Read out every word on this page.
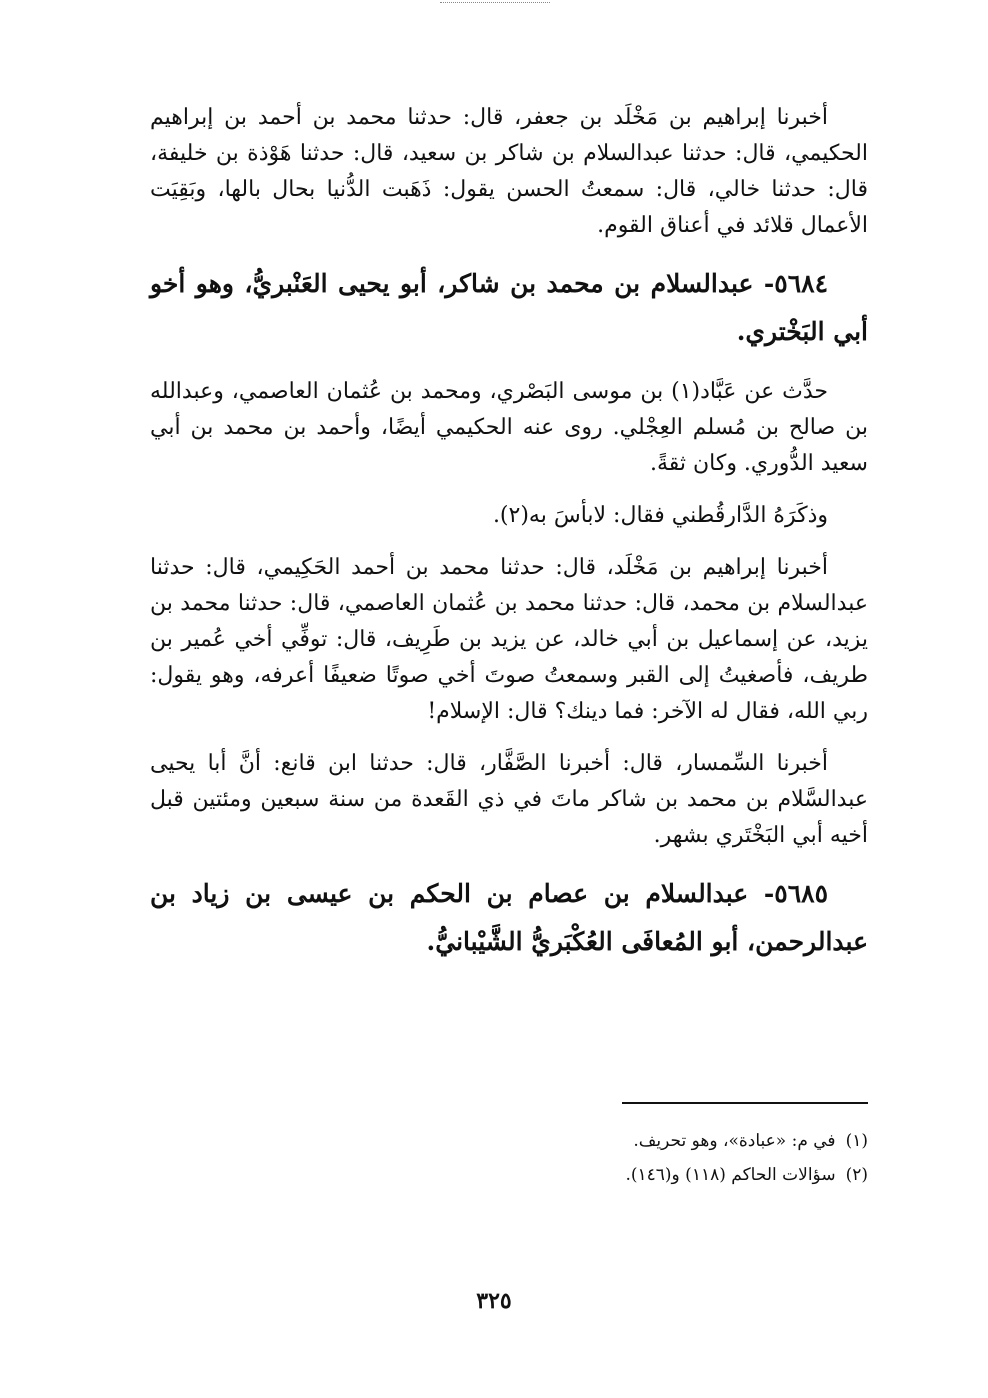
أخبرنا إبراهيم بن مَخْلَد بن جعفر، قال: حدثنا محمد بن أحمد بن إبراهيم الحكيمي، قال: حدثنا عبدالسلام بن شاكر بن سعيد، قال: حدثنا هَوْذة بن خليفة، قال: حدثنا خالي، قال: سمعتُ الحسن يقول: ذَهَبت الدُّنيا بحال بالها، وبَقِيَت الأعمال قلائد في أعناق القوم.

٥٦٨٤- عبدالسلام بن محمد بن شاكر، أبو يحيى العَنْبريُّ، وهو أخو أبي البَخْتري.

حدَّث عن عَبَّاد(١) بن موسى البَصْري، ومحمد بن عُثمان العاصمي، وعبدالله بن صالح بن مُسلم العِجْلي. روى عنه الحكيمي أيضًا، وأحمد بن محمد بن أبي سعيد الدُّوري. وكان ثقةً.

وذكَرَهُ الدَّارقُطني فقال: لابأسَ به(٢).

أخبرنا إبراهيم بن مَخْلَد، قال: حدثنا محمد بن أحمد الحَكِيمي، قال: حدثنا عبدالسلام بن محمد، قال: حدثنا محمد بن عُثمان العاصمي، قال: حدثنا محمد بن يزيد، عن إسماعيل بن أبي خالد، عن يزيد بن طَرِيف، قال: توفِّي أخي عُمير بن طريف، فأصغيتُ إلى القبر وسمعتُ صوتَ أخي صوتًا ضعيفًا أعرفه، وهو يقول: ربي الله، فقال له الآخر: فما دينك؟ قال: الإسلام!

أخبرنا السِّمسار، قال: أخبرنا الصَّفَّار، قال: حدثنا ابن قانع: أنَّ أبا يحيى عبدالسَّلام بن محمد بن شاكر ماتَ في ذي القَعدة من سنة سبعين ومئتين قبل أخيه أبي البَخْتَري بشهر.

٥٦٨٥- عبدالسلام بن عصام بن الحكم بن عيسى بن زياد بن عبدالرحمن، أبو المُعافَى العُكْبَريُّ الشَّيْبانيُّ.

(١)في م: «عبادة»، وهو تحريف.

(٢)سؤالات الحاكم (١١٨) و(١٤٦).

٣٢٥
